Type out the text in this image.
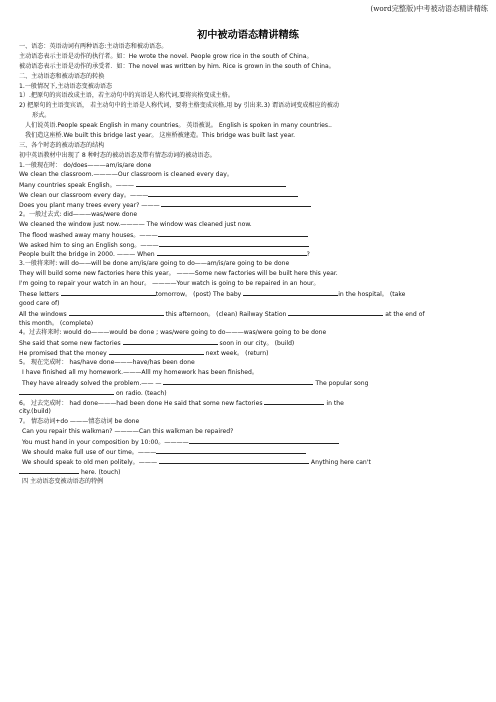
(word完整版)中考被动语态精讲精练
初中被动语态精讲精练
一、语态：英语动词有两种语态:主动语态和被动语态。
主动语态表示主语是动作的执行者。如：He wrote the novel. People grow rice in the south of China。
被动语态表示主语是动作的承受者．如：The novel was written by him. Rice is grown in the south of China。
二、主动语态和被动语态的转换
1.一般情况下,主动语态变被动语态
1）.把原句的宾语改成主语，若主动句中的宾语是人称代词,要将宾格变成主格。
2) 把原句的主语变宾语， 若主动句中的主语是人称代词，要将主格变成宾格,用 by 引出来.3) 谓语动词变成相应的被动
形式。
人们说英语.People speak English in many countries。 英语被说。 English is spoken in many countries..
我们造这座桥.We built this bridge last year。 这座桥被建造。This bridge was built last year.
三、各个时态的被动语态的结构
初中英语教材中出现了 8 种时态的被动语态及带有情态动词的被动语态。
1.一般现在时： do/does———am/is/are done
We clean the classroom.————Our classroom is cleaned every day。
Many countries speak English。———
We clean our classroom every day。———
Does you plant many trees every year? ———
2。一般过去式: did———was/were done
We cleaned the window just now.———— The window was cleaned just now.
The flood washed away many houses。———
We asked him to sing an English song。———
People built the bridge in 2000. ——— When	?
3.一般将来时: will do——will be done am/is/are going to do——am/is/are going to be done
They will build some new factories here this year。 ———Some new factories will be built here this year.
I'm going to repair your watch in an hour。 ————Your watch is going to be repaired in an hour。
These letters	tomorrow。 (post) The baby	in the hospital。 (take
good care of)
All the windows	this afternoon。 (clean) Railway Station	at the end of
this month。 (complete)
4。过去将来时: would do———would be done ; was/were going to do———was/were going to be done
She said that some new factories	soon in our city。 (build)
He promised that the money	next week。 (return)
5。 现在完成时： has/have done———have/has been done
I have finished all my homework.———Alll my homework has been finished。
They have already solved the problem.—— —	The popular song
on radio. (teach)
6。 过去完成时： had done———had been done He said that some new factories	in the
city.(build)
7。 情态动词+do ———情态动词 be done
Can you repair this walkman? ————Can this walkman be repaired?
You must hand in your composition by 10:00。————
We should make full use of our time。———
We should speak to old men politely。———	Anything here can't
here. (touch)
四 主动语态变被动语态的特例
